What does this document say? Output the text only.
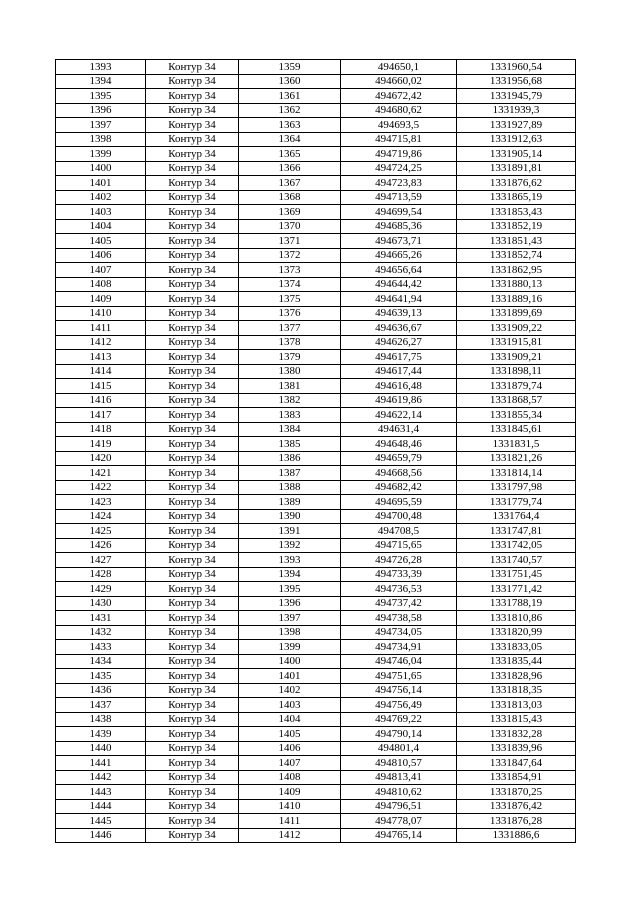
1393	Контур 34	1359	494650,1	1331960,54
1394	Контур 34	1360	494660,02	1331956,68
1395	Контур 34	1361	494672,42	1331945,79
1396	Контур 34	1362	494680,62	1331939,3
1397	Контур 34	1363	494693,5	1331927,89
1398	Контур 34	1364	494715,81	1331912,63
1399	Контур 34	1365	494719,86	1331905,14
1400	Контур 34	1366	494724,25	1331891,81
1401	Контур 34	1367	494723,83	1331876,62
1402	Контур 34	1368	494713,59	1331865,19
1403	Контур 34	1369	494699,54	1331853,43
1404	Контур 34	1370	494685,36	1331852,19
1405	Контур 34	1371	494673,71	1331851,43
1406	Контур 34	1372	494665,26	1331852,74
1407	Контур 34	1373	494656,64	1331862,95
1408	Контур 34	1374	494644,42	1331880,13
1409	Контур 34	1375	494641,94	1331889,16
1410	Контур 34	1376	494639,13	1331899,69
1411	Контур 34	1377	494636,67	1331909,22
1412	Контур 34	1378	494626,27	1331915,81
1413	Контур 34	1379	494617,75	1331909,21
1414	Контур 34	1380	494617,44	1331898,11
1415	Контур 34	1381	494616,48	1331879,74
1416	Контур 34	1382	494619,86	1331868,57
1417	Контур 34	1383	494622,14	1331855,34
1418	Контур 34	1384	494631,4	1331845,61
1419	Контур 34	1385	494648,46	1331831,5
1420	Контур 34	1386	494659,79	1331821,26
1421	Контур 34	1387	494668,56	1331814,14
1422	Контур 34	1388	494682,42	1331797,98
1423	Контур 34	1389	494695,59	1331779,74
1424	Контур 34	1390	494700,48	1331764,4
1425	Контур 34	1391	494708,5	1331747,81
1426	Контур 34	1392	494715,65	1331742,05
1427	Контур 34	1393	494726,28	1331740,57
1428	Контур 34	1394	494733,39	1331751,45
1429	Контур 34	1395	494736,53	1331771,42
1430	Контур 34	1396	494737,42	1331788,19
1431	Контур 34	1397	494738,58	1331810,86
1432	Контур 34	1398	494734,05	1331820,99
1433	Контур 34	1399	494734,91	1331833,05
1434	Контур 34	1400	494746,04	1331835,44
1435	Контур 34	1401	494751,65	1331828,96
1436	Контур 34	1402	494756,14	1331818,35
1437	Контур 34	1403	494756,49	1331813,03
1438	Контур 34	1404	494769,22	1331815,43
1439	Контур 34	1405	494790,14	1331832,28
1440	Контур 34	1406	494801,4	1331839,96
1441	Контур 34	1407	494810,57	1331847,64
1442	Контур 34	1408	494813,41	1331854,91
1443	Контур 34	1409	494810,62	1331870,25
1444	Контур 34	1410	494796,51	1331876,42
1445	Контур 34	1411	494778,07	1331876,28
1446	Контур 34	1412	494765,14	1331886,6
